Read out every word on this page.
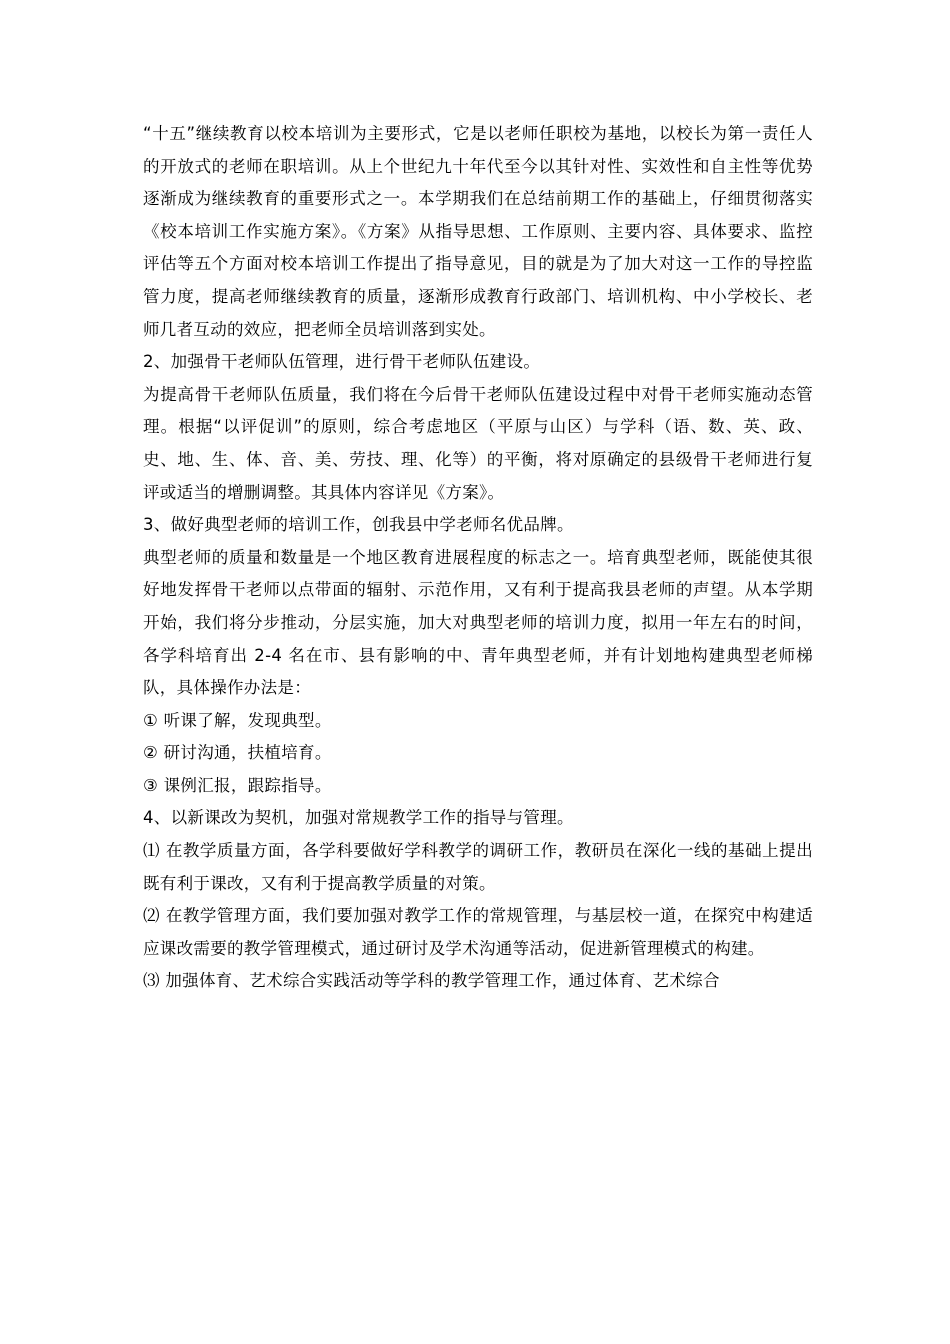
“十五”继续教育以校本培训为主要形式，它是以老师任职校为基地，以校长为第一责任人的开放式的老师在职培训。从上个世纪九十年代至今以其针对性、实效性和自主性等优势逐渐成为继续教育的重要形式之一。本学期我们在总结前期工作的基础上，仔细贯彻落实《校本培训工作实施方案》。《方案》从指导思想、工作原则、主要内容、具体要求、监控评估等五个方面对校本培训工作提出了指导意见，目的就是为了加大对这一工作的导控监管力度，提高老师继续教育的质量，逐渐形成教育行政部门、培训机构、中小学校长、老师几者互动的效应，把老师全员培训落到实处。

2、加强骨干老师队伍管理，进行骨干老师队伍建设。

为提高骨干老师队伍质量，我们将在今后骨干老师队伍建设过程中对骨干老师实施动态管理。根据“以评促训”的原则，综合考虑地区（平原与山区）与学科（语、数、英、政、史、地、生、体、音、美、劳技、理、化等）的平衡，将对原确定的县级骨干老师进行复评或适当的增删调整。其具体内容详见《方案》。

3、做好典型老师的培训工作，创我县中学老师名优品牌。

典型老师的质量和数量是一个地区教育进展程度的标志之一。培育典型老师，既能使其很好地发挥骨干老师以点带面的辐射、示范作用，又有利于提高我县老师的声望。从本学期开始，我们将分步推动，分层实施，加大对典型老师的培训力度，拟用一年左右的时间，各学科培育出 2-4 名在市、县有影响的中、青年典型老师，并有计划地构建典型老师梯队，具体操作办法是：

① 听课了解，发现典型。

② 研讨沟通，扶植培育。

③ 课例汇报，跟踪指导。

4、以新课改为契机，加强对常规教学工作的指导与管理。

⑴ 在教学质量方面，各学科要做好学科教学的调研工作，教研员在深化一线的基础上提出既有利于课改，又有利于提高教学质量的对策。

⑵ 在教学管理方面，我们要加强对教学工作的常规管理，与基层校一道，在探究中构建适应课改需要的教学管理模式，通过研讨及学术沟通等活动，促进新管理模式的构建。

⑶ 加强体育、艺术综合实践活动等学科的教学管理工作，通过体育、艺术综合
